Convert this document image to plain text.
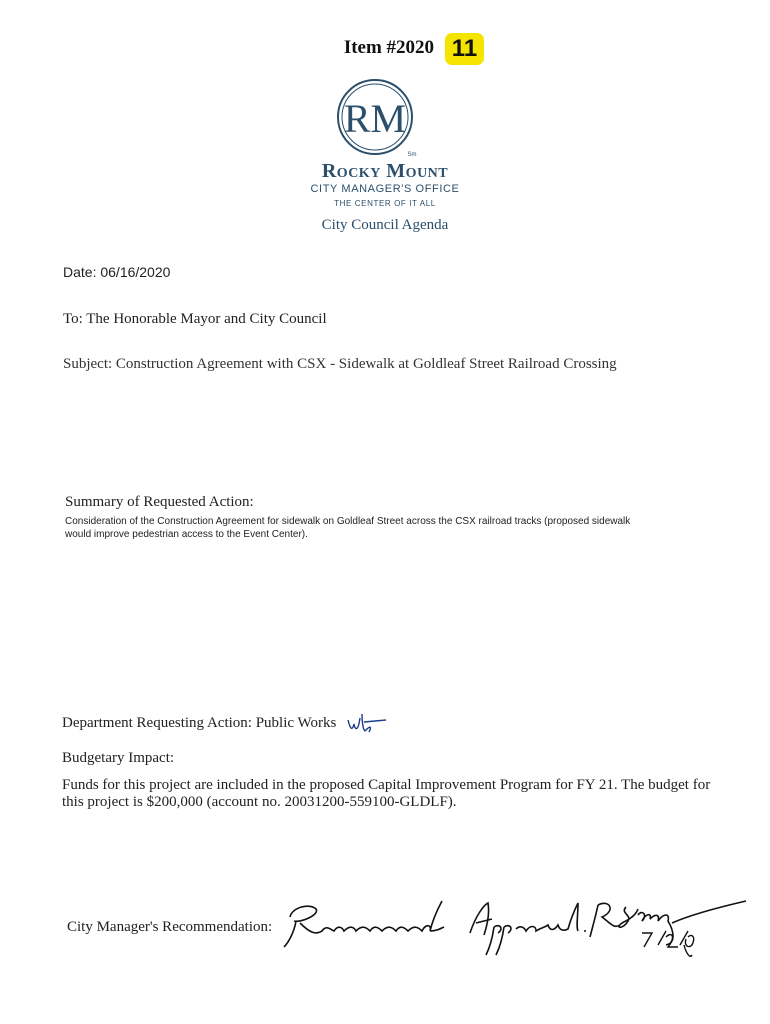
Item #2020 11
RM
Sm
Rocky Mount
CITY MANAGER'S OFFICE
THE CENTER OF IT ALL
City Council Agenda
Date: 06/16/2020
To: The Honorable Mayor and City Council
Subject: Construction Agreement with CSX - Sidewalk at Goldleaf Street Railroad Crossing
Summary of Requested Action:
Consideration of the Construction Agreement for sidewalk on Goldleaf Street across the CSX railroad tracks (proposed sidewalk
would improve pedestrian access to the Event Center).
Department Requesting Action: Public Works
Budgetary Impact:
Funds for this project are included in the proposed Capital Improvement Program for FY 21. The budget for
this project is $200,000 (account no. 20031200-559100-GLDLF).
City Manager's Recommendation:
